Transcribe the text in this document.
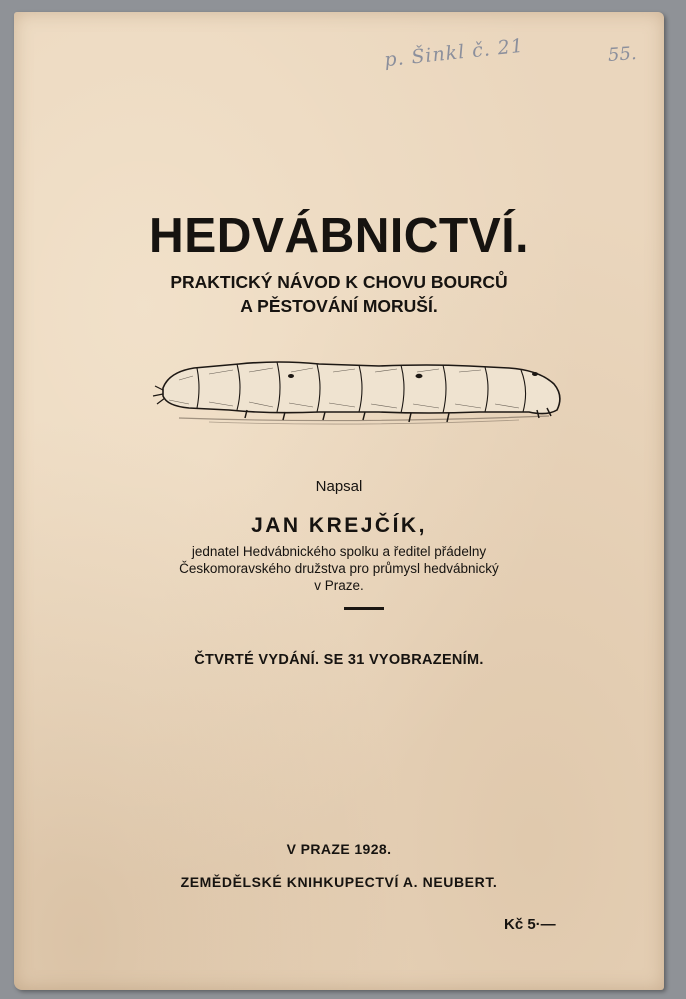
p. Šinkl č. 21	55.
HEDVÁBNICTVÍ.
PRAKTICKÝ NÁVOD K CHOVU BOURCŮ
A PĚSTOVÁNÍ MORUŠÍ.
Napsal
JAN KREJČÍK,
jednatel Hedvábnického spolku a ředitel přádelny
Českomoravského družstva pro průmysl hedvábnický
v Praze.
ČTVRTÉ VYDÁNÍ. SE 31 VYOBRAZENÍM.
V PRAZE 1928.
ZEMĚDĚLSKÉ KNIHKUPECTVÍ A. NEUBERT.
Kč 5·—
